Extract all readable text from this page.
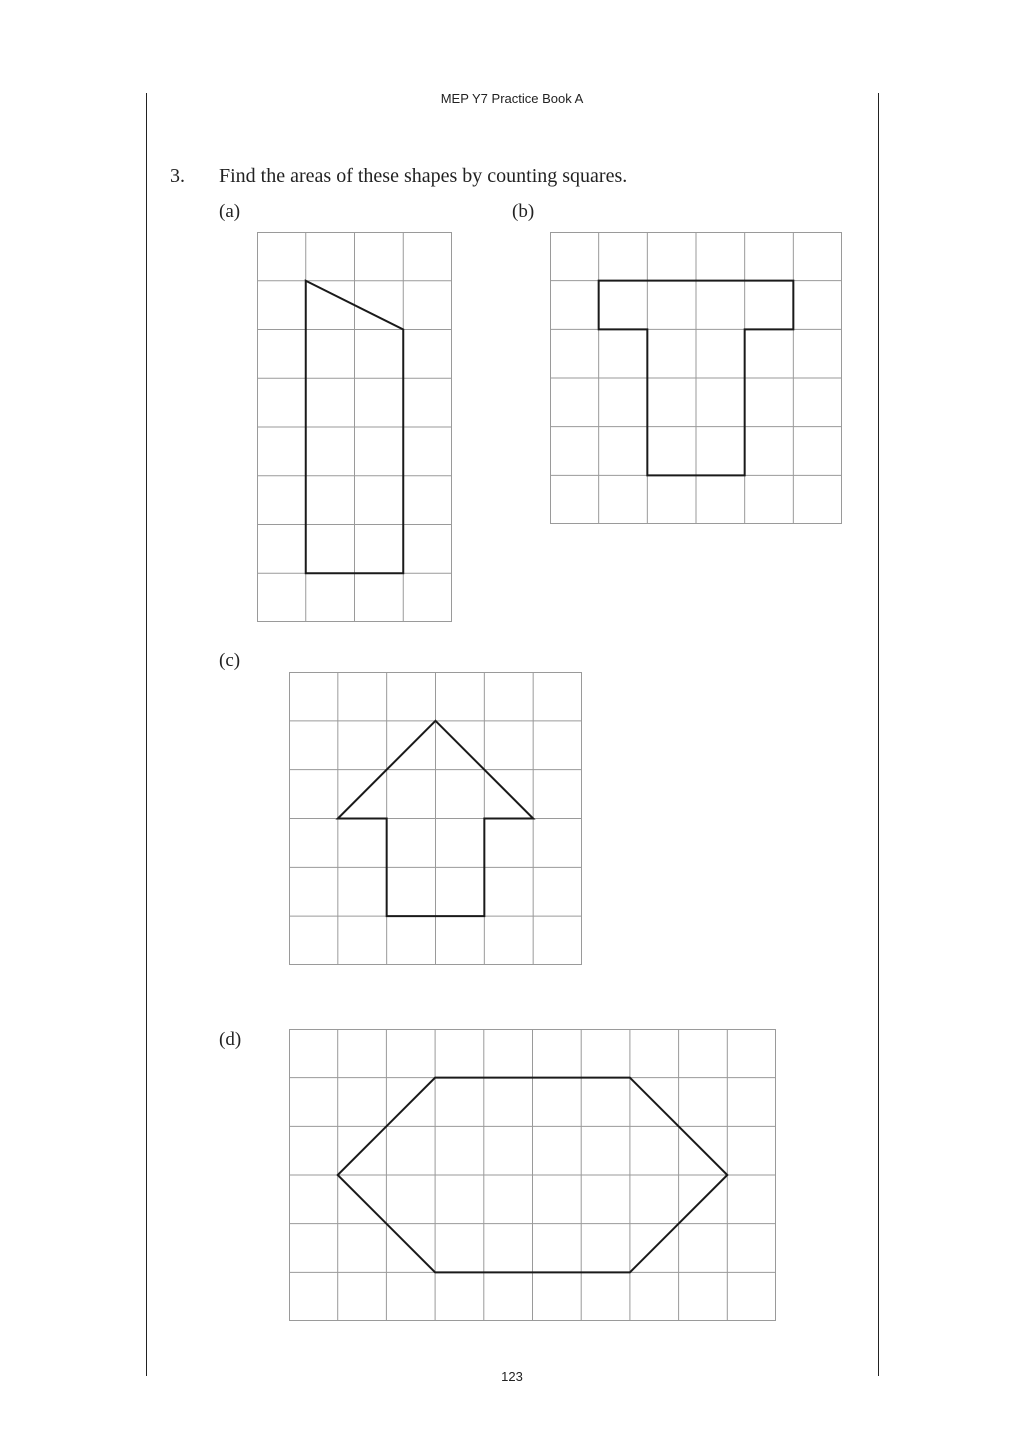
MEP Y7 Practice Book A
3. Find the areas of these shapes by counting squares.
(a)	(b)
(c)
(d)
123
